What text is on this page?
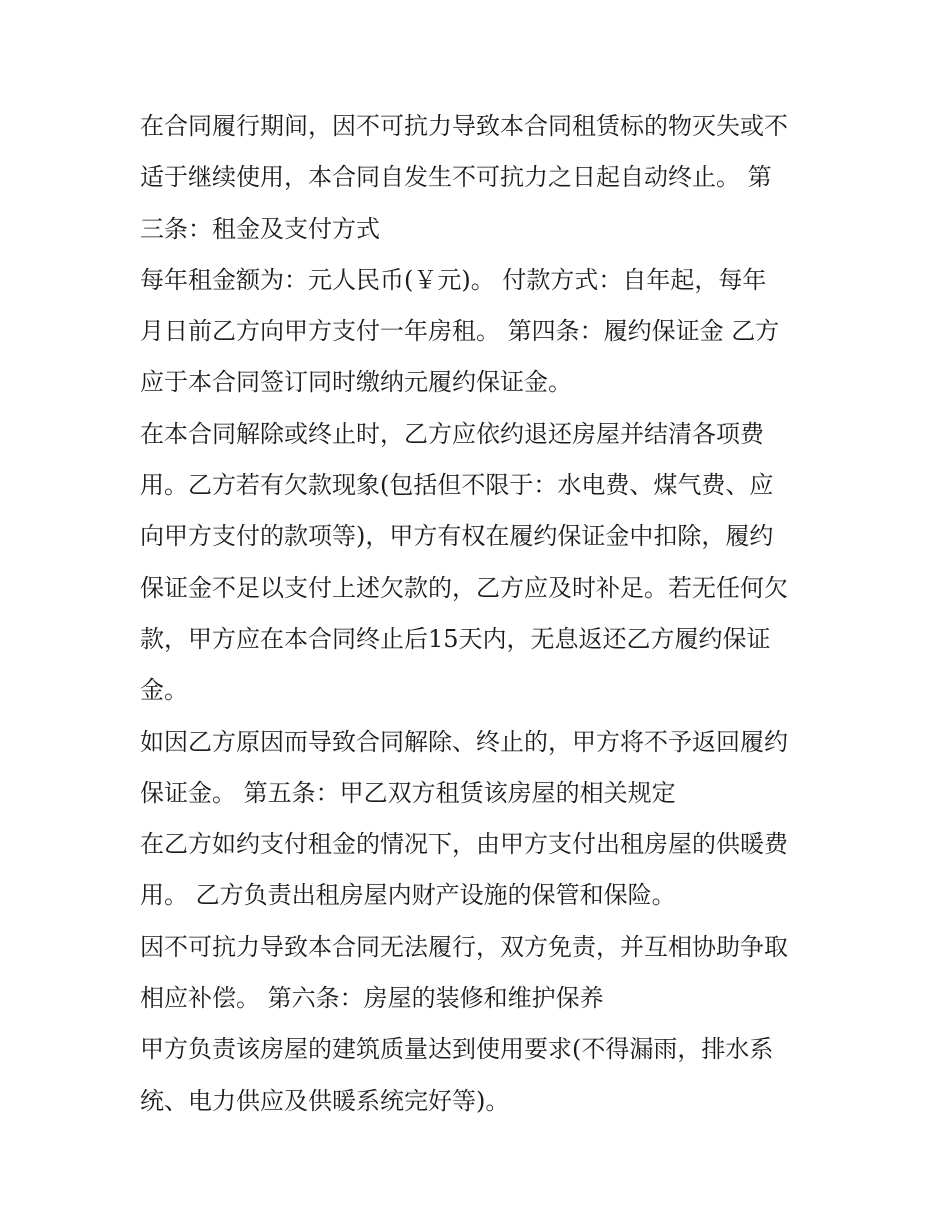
在合同履行期间，因不可抗力导致本合同租赁标的物灭失或不
适于继续使用，本合同自发生不可抗力之日起自动终止。 第
三条：租金及支付方式
每年租金额为：元人民币(￥元)。 付款方式：自年起，每年
月日前乙方向甲方支付一年房租。 第四条：履约保证金 乙方
应于本合同签订同时缴纳元履约保证金。
在本合同解除或终止时，乙方应依约退还房屋并结清各项费
用。乙方若有欠款现象(包括但不限于：水电费、煤气费、应
向甲方支付的款项等)，甲方有权在履约保证金中扣除，履约
保证金不足以支付上述欠款的，乙方应及时补足。若无任何欠
款，甲方应在本合同终止后15天内，无息返还乙方履约保证
金。
如因乙方原因而导致合同解除、终止的，甲方将不予返回履约
保证金。 第五条：甲乙双方租赁该房屋的相关规定
在乙方如约支付租金的情况下，由甲方支付出租房屋的供暖费
用。 乙方负责出租房屋内财产设施的保管和保险。
因不可抗力导致本合同无法履行，双方免责，并互相协助争取
相应补偿。 第六条：房屋的装修和维护保养
甲方负责该房屋的建筑质量达到使用要求(不得漏雨，排水系
统、电力供应及供暖系统完好等)。
